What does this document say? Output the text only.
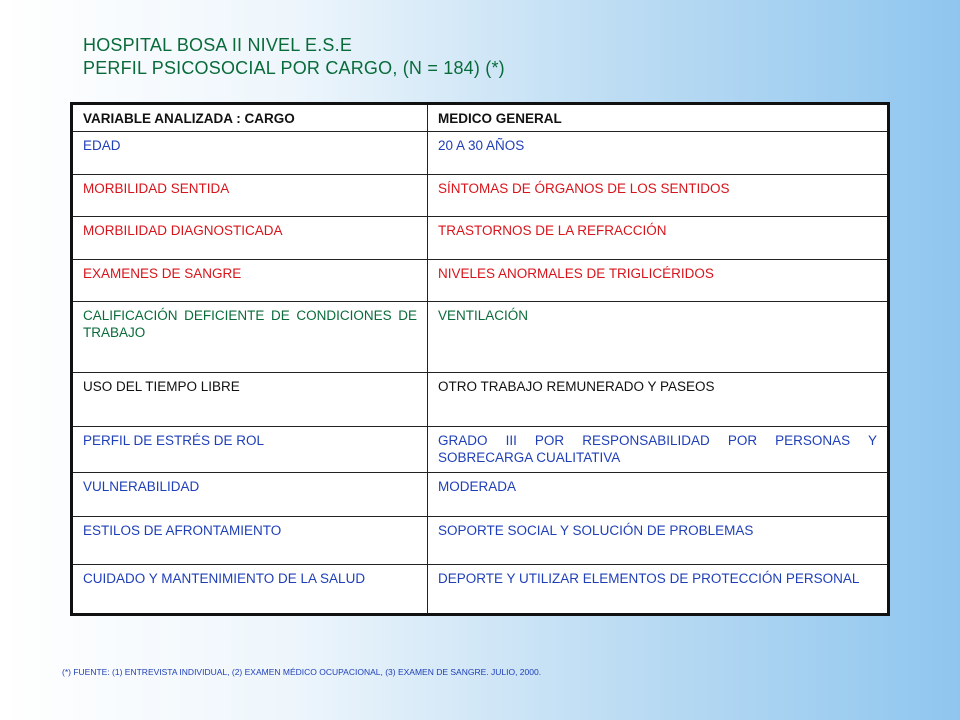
HOSPITAL BOSA II NIVEL E.S.E
PERFIL PSICOSOCIAL POR CARGO, (N = 184) (*)
VARIABLE ANALIZADA : CARGO	MEDICO GENERAL
EDAD	20 A 30 AÑOS
MORBILIDAD SENTIDA	SÍNTOMAS DE ÓRGANOS DE LOS SENTIDOS
MORBILIDAD DIAGNOSTICADA	TRASTORNOS DE LA REFRACCIÓN
EXAMENES DE SANGRE	NIVELES ANORMALES DE TRIGLICÉRIDOS
CALIFICACIÓN DEFICIENTE DE CONDICIONES DE TRABAJO	VENTILACIÓN
USO DEL TIEMPO LIBRE	OTRO TRABAJO REMUNERADO Y PASEOS
PERFIL DE ESTRÉS DE ROL	GRADO III POR RESPONSABILIDAD POR PERSONAS Y SOBRECARGA CUALITATIVA
VULNERABILIDAD	MODERADA
ESTILOS DE AFRONTAMIENTO	SOPORTE SOCIAL Y SOLUCIÓN DE PROBLEMAS
CUIDADO Y MANTENIMIENTO DE LA SALUD	DEPORTE Y UTILIZAR ELEMENTOS DE PROTECCIÓN PERSONAL
(*) FUENTE: (1) ENTREVISTA INDIVIDUAL, (2) EXAMEN MÉDICO OCUPACIONAL, (3) EXAMEN DE SANGRE. JULIO, 2000.
